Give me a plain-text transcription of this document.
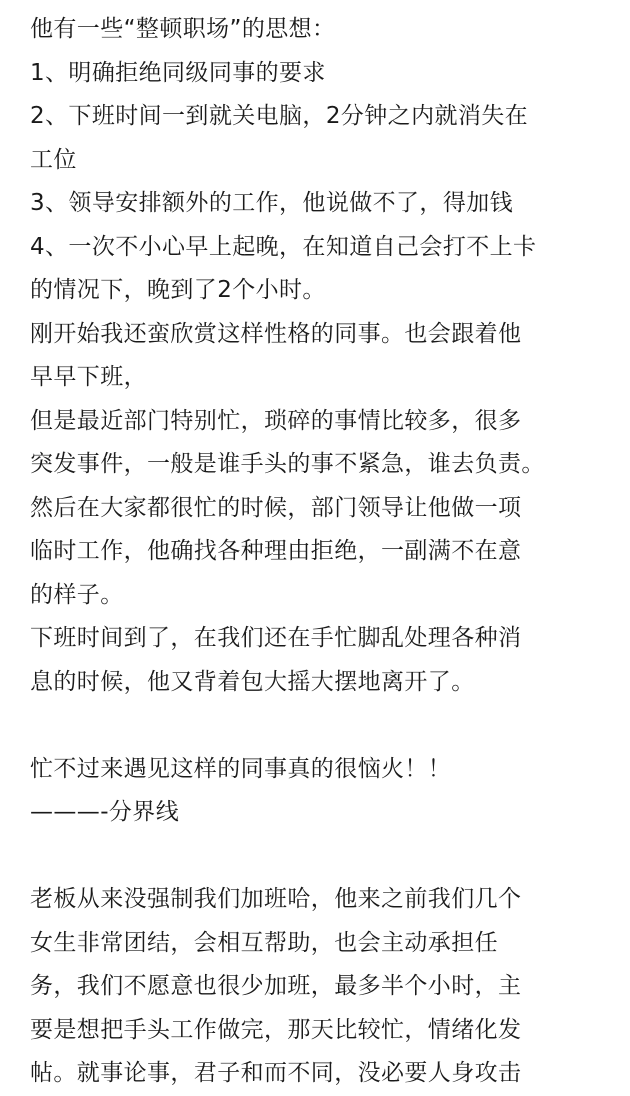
他有一些“整顿职场”的思想：
1、明确拒绝同级同事的要求
2、下班时间一到就关电脑，2分钟之内就消失在
工位
3、领导安排额外的工作，他说做不了，得加钱
4、一次不小心早上起晚，在知道自己会打不上卡
的情况下，晚到了2个小时。
刚开始我还蛮欣赏这样性格的同事。也会跟着他
早早下班，
但是最近部门特别忙，琐碎的事情比较多，很多
突发事件，一般是谁手头的事不紧急，谁去负责。
然后在大家都很忙的时候，部门领导让他做一项
临时工作，他确找各种理由拒绝，一副满不在意
的样子。
下班时间到了，在我们还在手忙脚乱处理各种消
息的时候，他又背着包大摇大摆地离开了。
忙不过来遇见这样的同事真的很恼火！！
———-分界线
老板从来没强制我们加班哈，他来之前我们几个
女生非常团结，会相互帮助，也会主动承担任
务，我们不愿意也很少加班，最多半个小时，主
要是想把手头工作做完，那天比较忙，情绪化发
帖。就事论事，君子和而不同，没必要人身攻击
